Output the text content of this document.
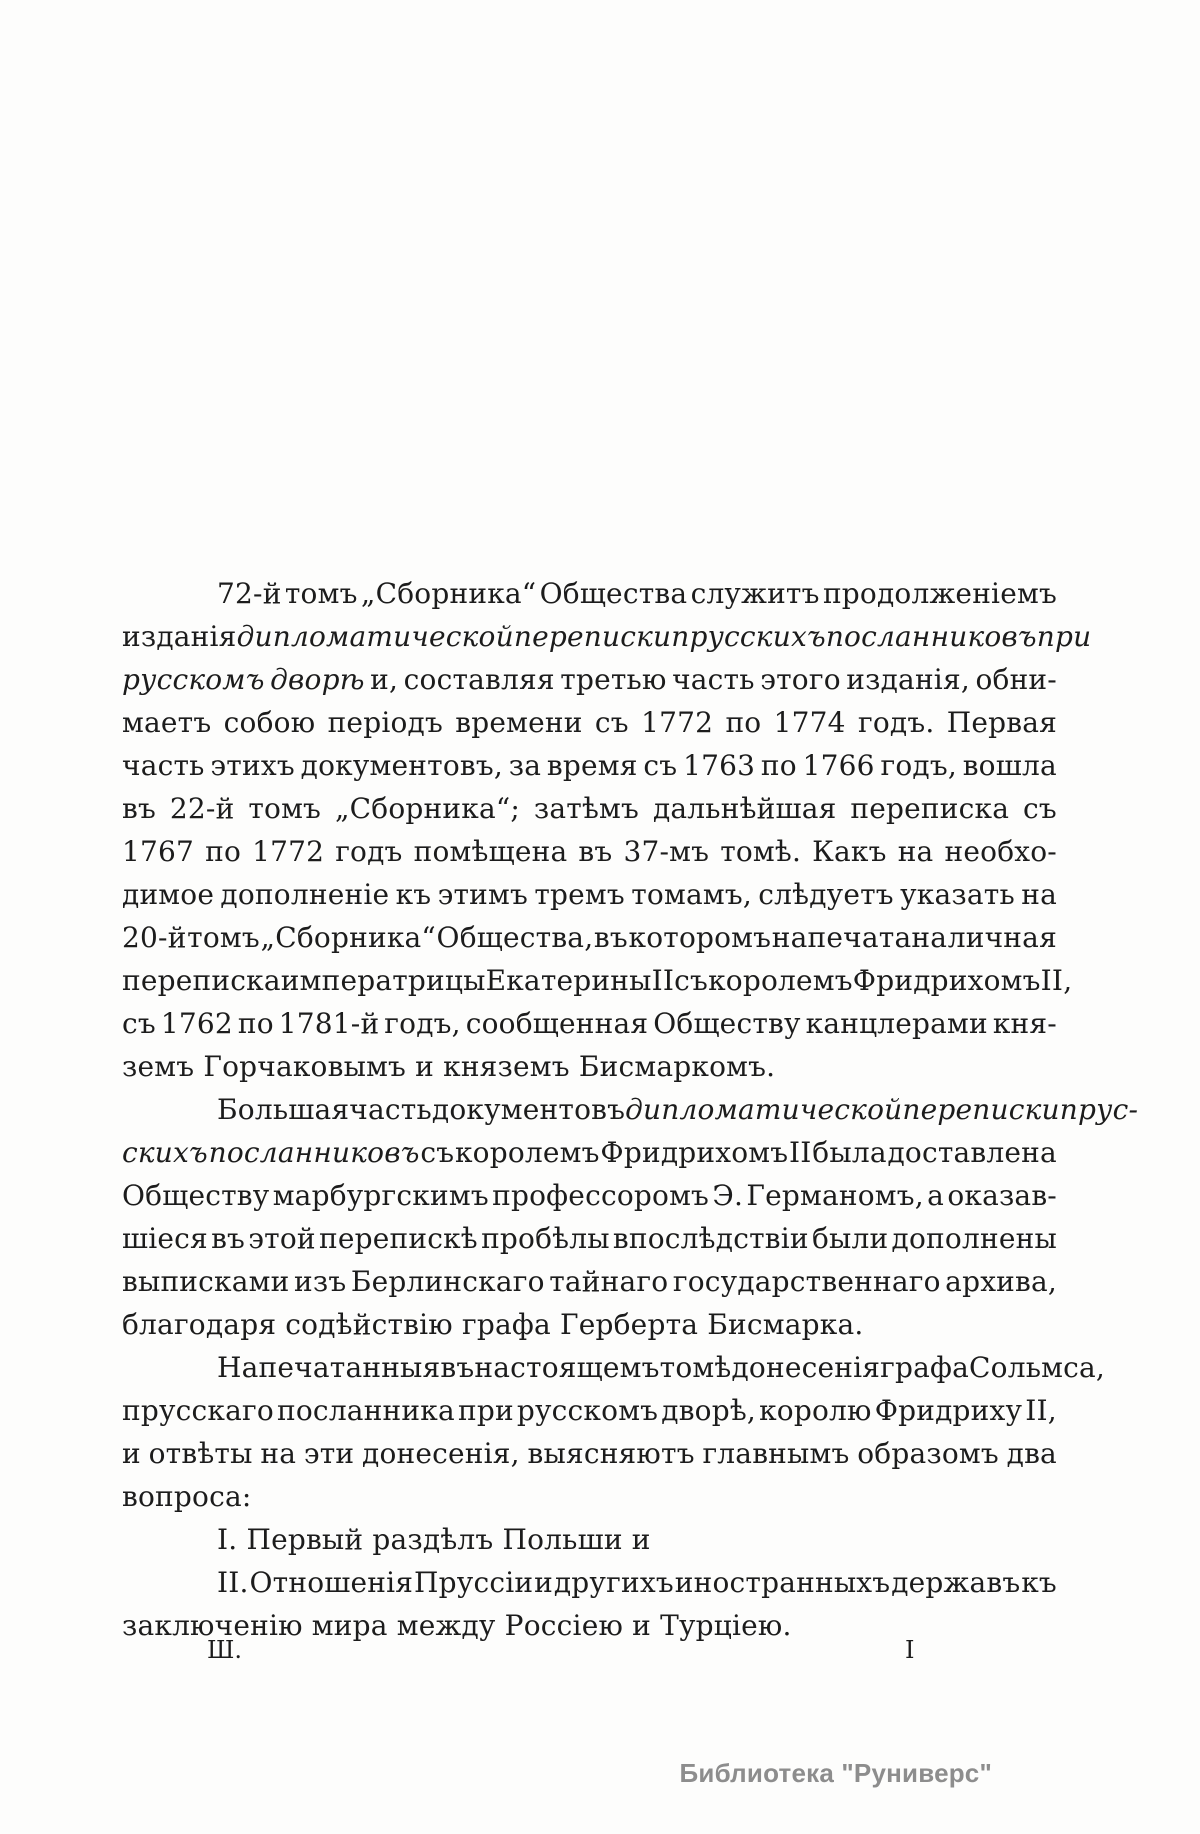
72-й томъ „Сборника“ Общества служитъ продолженіемъ
изданія дипломатической переписки прусскихъ посланниковъ при
русскомъ дворѣ и, составляя третью часть этого изданія, обни-
маетъ собою періодъ времени съ 1772 по 1774 годъ. Первая
часть этихъ документовъ, за время съ 1763 по 1766 годъ, вошла
въ 22-й томъ „Сборника“; затѣмъ дальнѣйшая переписка съ
1767 по 1772 годъ помѣщена въ 37-мъ томѣ. Какъ на необхо-
димое дополненіе къ этимъ тремъ томамъ, слѣдуетъ указать на
20-й томъ „Сборника“ Общества, въ которомъ напечатана личная
переписка императрицы Екатерины II съ королемъ Фридрихомъ II,
съ 1762 по 1781-й годъ, сообщенная Обществу канцлерами кня-
земъ Горчаковымъ и княземъ Бисмаркомъ.
Большая часть документовъ дипломатической переписки прус-
скихъ посланниковъ съ королемъ Фридрихомъ II была доставлена
Обществу марбургскимъ профессоромъ Э. Германомъ, а оказав-
шіеся въ этой перепискѣ пробѣлы впослѣдствіи были дополнены
выписками изъ Берлинскаго тайнаго государственнаго архива,
благодаря содѣйствію графа Герберта Бисмарка.
Напечатанныя въ настоящемъ томѣ донесенія графа Сольмса,
прусскаго посланника при русскомъ дворѣ, королю Фридриху II,
и отвѣты на эти донесенія, выясняютъ главнымъ образомъ два
вопроса:
I. Первый раздѣлъ Польши и
II. Отношенія Пруссіи и другихъ иностранныхъ державъ къ
заключенію мира между Россіею и Турціею.
Ш.	I
Библиотека "Руниверс"
